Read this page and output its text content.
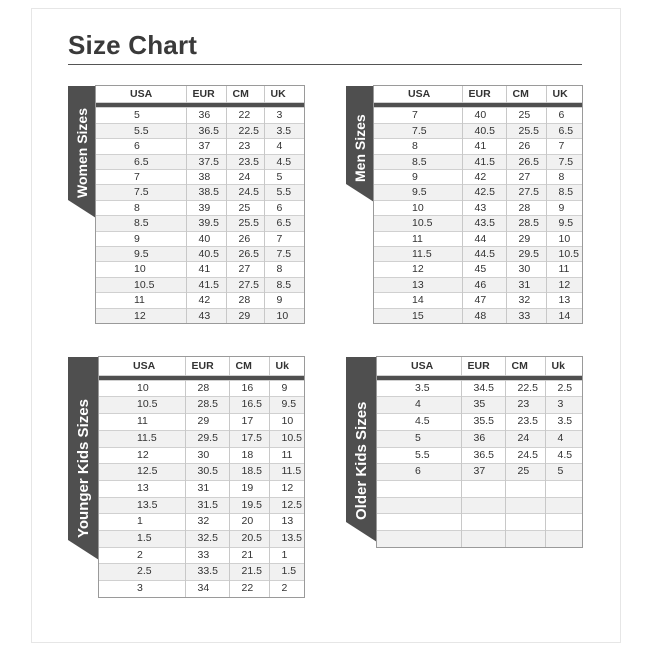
Size Chart
Women Sizes
USA	EUR	CM	UK

5	36	22	3
5.5	36.5	22.5	3.5
6	37	23	4
6.5	37.5	23.5	4.5
7	38	24	5
7.5	38.5	24.5	5.5
8	39	25	6
8.5	39.5	25.5	6.5
9	40	26	7
9.5	40.5	26.5	7.5
10	41	27	8
10.5	41.5	27.5	8.5
11	42	28	9
12	43	29	10
Men Sizes
USA	EUR	CM	UK

7	40	25	6
7.5	40.5	25.5	6.5
8	41	26	7
8.5	41.5	26.5	7.5
9	42	27	8
9.5	42.5	27.5	8.5
10	43	28	9
10.5	43.5	28.5	9.5
11	44	29	10
11.5	44.5	29.5	10.5
12	45	30	11
13	46	31	12
14	47	32	13
15	48	33	14
Younger Kids Sizes
USA	EUR	CM	Uk

10	28	16	9
10.5	28.5	16.5	9.5
11	29	17	10
11.5	29.5	17.5	10.5
12	30	18	11
12.5	30.5	18.5	11.5
13	31	19	12
13.5	31.5	19.5	12.5
1	32	20	13
1.5	32.5	20.5	13.5
2	33	21	1
2.5	33.5	21.5	1.5
3	34	22	2
Older Kids Sizes
USA	EUR	CM	Uk

3.5	34.5	22.5	2.5
4	35	23	3
4.5	35.5	23.5	3.5
5	36	24	4
5.5	36.5	24.5	4.5
6	37	25	5
